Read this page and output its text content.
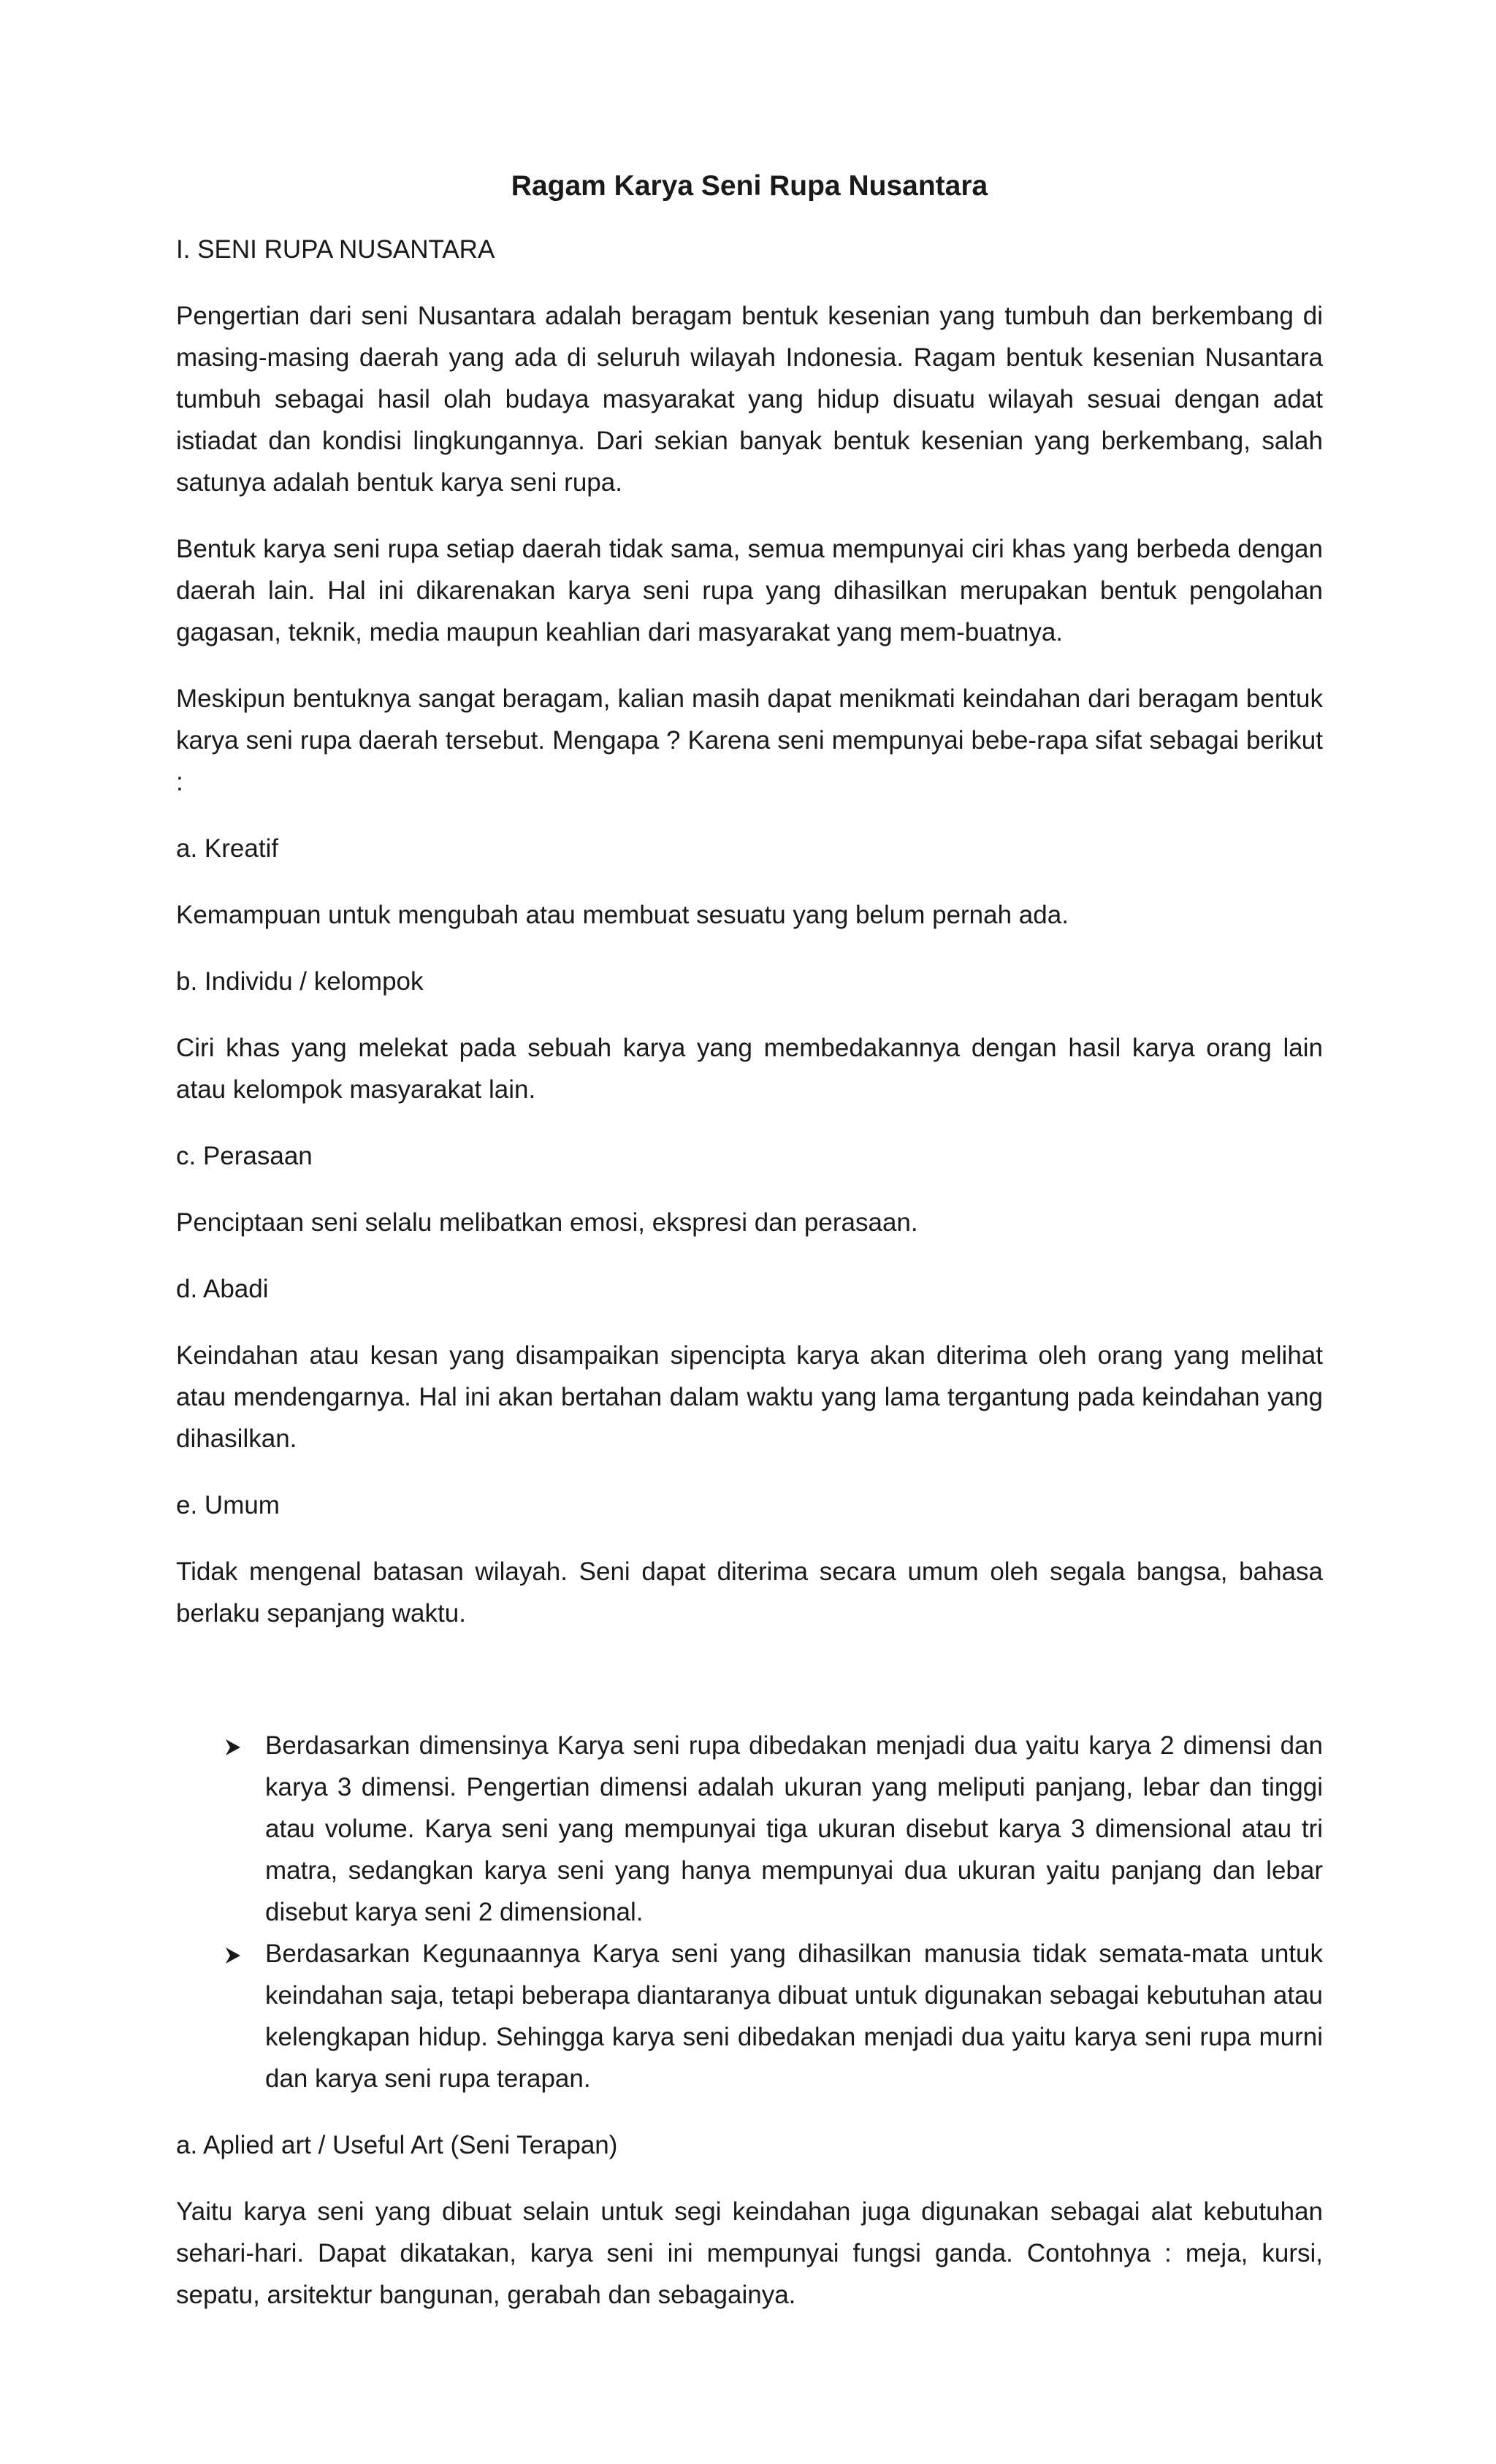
Ragam Karya Seni Rupa Nusantara

I. SENI RUPA NUSANTARA

Pengertian dari seni Nusantara adalah beragam bentuk kesenian yang tumbuh dan berkembang di masing-masing daerah yang ada di seluruh wilayah Indonesia. Ragam bentuk kesenian Nusantara tumbuh sebagai hasil olah budaya masyarakat yang hidup disuatu wilayah sesuai dengan adat istiadat dan kondisi lingkungannya. Dari sekian banyak bentuk kesenian yang berkembang, salah satunya adalah bentuk karya seni rupa.

Bentuk karya seni rupa setiap daerah tidak sama, semua mempunyai ciri khas yang berbeda dengan daerah lain. Hal ini dikarenakan karya seni rupa yang dihasilkan merupakan bentuk pengolahan gagasan, teknik, media maupun keahlian dari masyarakat yang mem-buatnya.

Meskipun bentuknya sangat beragam, kalian masih dapat menikmati keindahan dari beragam bentuk karya seni rupa daerah tersebut. Mengapa ? Karena seni mempunyai bebe-rapa sifat sebagai berikut :

a. Kreatif

Kemampuan untuk mengubah atau membuat sesuatu yang belum pernah ada.

b. Individu / kelompok

Ciri khas yang melekat pada sebuah karya yang membedakannya dengan hasil karya orang lain atau kelompok masyarakat lain.

c. Perasaan

Penciptaan seni selalu melibatkan emosi, ekspresi dan perasaan.

d. Abadi

Keindahan atau kesan yang disampaikan sipencipta karya akan diterima oleh orang yang melihat atau mendengarnya. Hal ini akan bertahan dalam waktu yang lama tergantung pada keindahan yang dihasilkan.

e. Umum

Tidak mengenal batasan wilayah. Seni dapat diterima secara umum oleh segala bangsa, bahasa berlaku sepanjang waktu.

Berdasarkan dimensinya Karya seni rupa dibedakan menjadi dua yaitu karya 2 dimensi dan karya 3 dimensi. Pengertian dimensi adalah ukuran yang meliputi panjang, lebar dan tinggi atau volume. Karya seni yang mempunyai tiga ukuran disebut karya 3 dimensional atau tri matra, sedangkan karya seni yang hanya mempunyai dua ukuran yaitu panjang dan lebar disebut karya seni 2 dimensional.
Berdasarkan Kegunaannya Karya seni yang dihasilkan manusia tidak semata-mata untuk keindahan saja, tetapi beberapa diantaranya dibuat untuk digunakan sebagai kebutuhan atau kelengkapan hidup. Sehingga karya seni dibedakan menjadi dua yaitu karya seni rupa murni dan karya seni rupa terapan.

a. Aplied art / Useful Art (Seni Terapan)

Yaitu karya seni yang dibuat selain untuk segi keindahan juga digunakan sebagai alat kebutuhan sehari-hari. Dapat dikatakan, karya seni ini mempunyai fungsi ganda. Contohnya : meja, kursi, sepatu, arsitektur bangunan, gerabah dan sebagainya.
